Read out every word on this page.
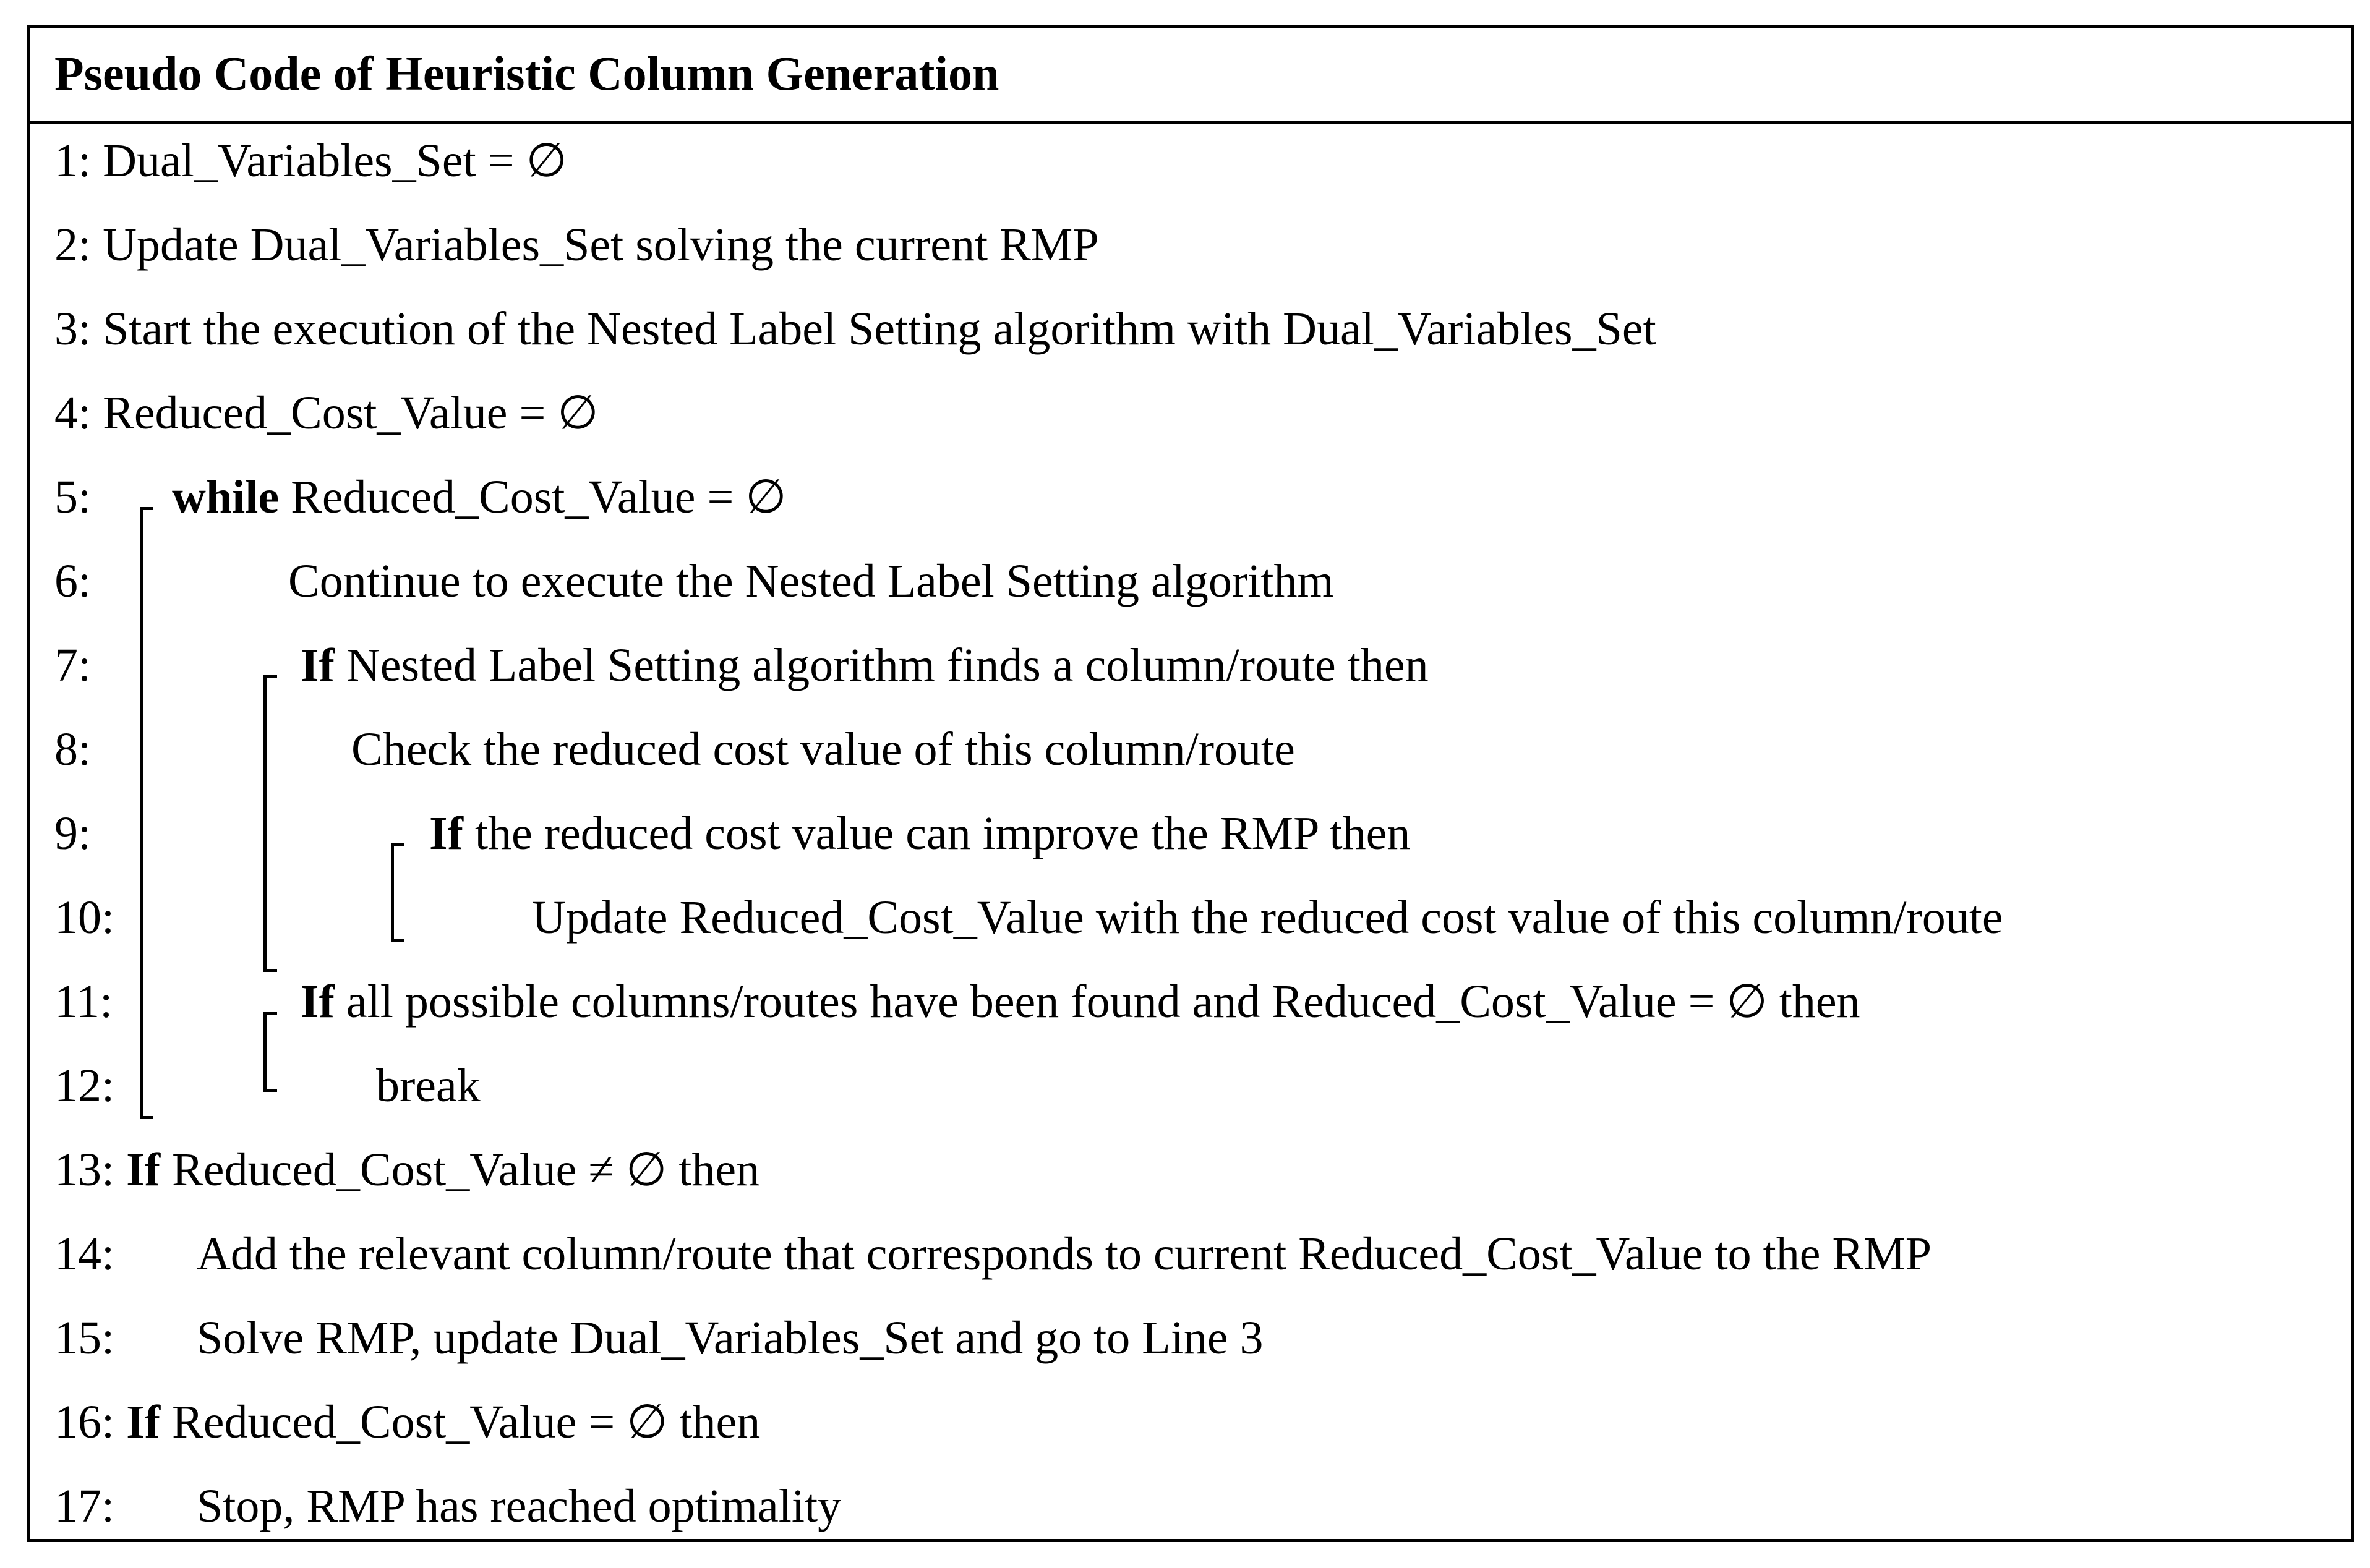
Pseudo Code of Heuristic Column Generation
1: Dual_Variables_Set = ∅
2: Update Dual_Variables_Set solving the current RMP
3: Start the execution of the Nested Label Setting algorithm with Dual_Variables_Set
4: Reduced_Cost_Value = ∅
5: while Reduced_Cost_Value = ∅
6:	Continue to execute the Nested Label Setting algorithm
7:	If Nested Label Setting algorithm finds a column/route then
8:	Check the reduced cost value of this column/route
9:	If the reduced cost value can improve the RMP then
10:	Update Reduced_Cost_Value with the reduced cost value of this column/route
11:	If all possible columns/routes have been found and Reduced_Cost_Value = ∅ then
12:	break
13: If Reduced_Cost_Value ≠ ∅ then
14: Add the relevant column/route that corresponds to current Reduced_Cost_Value to the RMP
15: Solve RMP, update Dual_Variables_Set and go to Line 3
16: If Reduced_Cost_Value = ∅ then
17: Stop, RMP has reached optimality
